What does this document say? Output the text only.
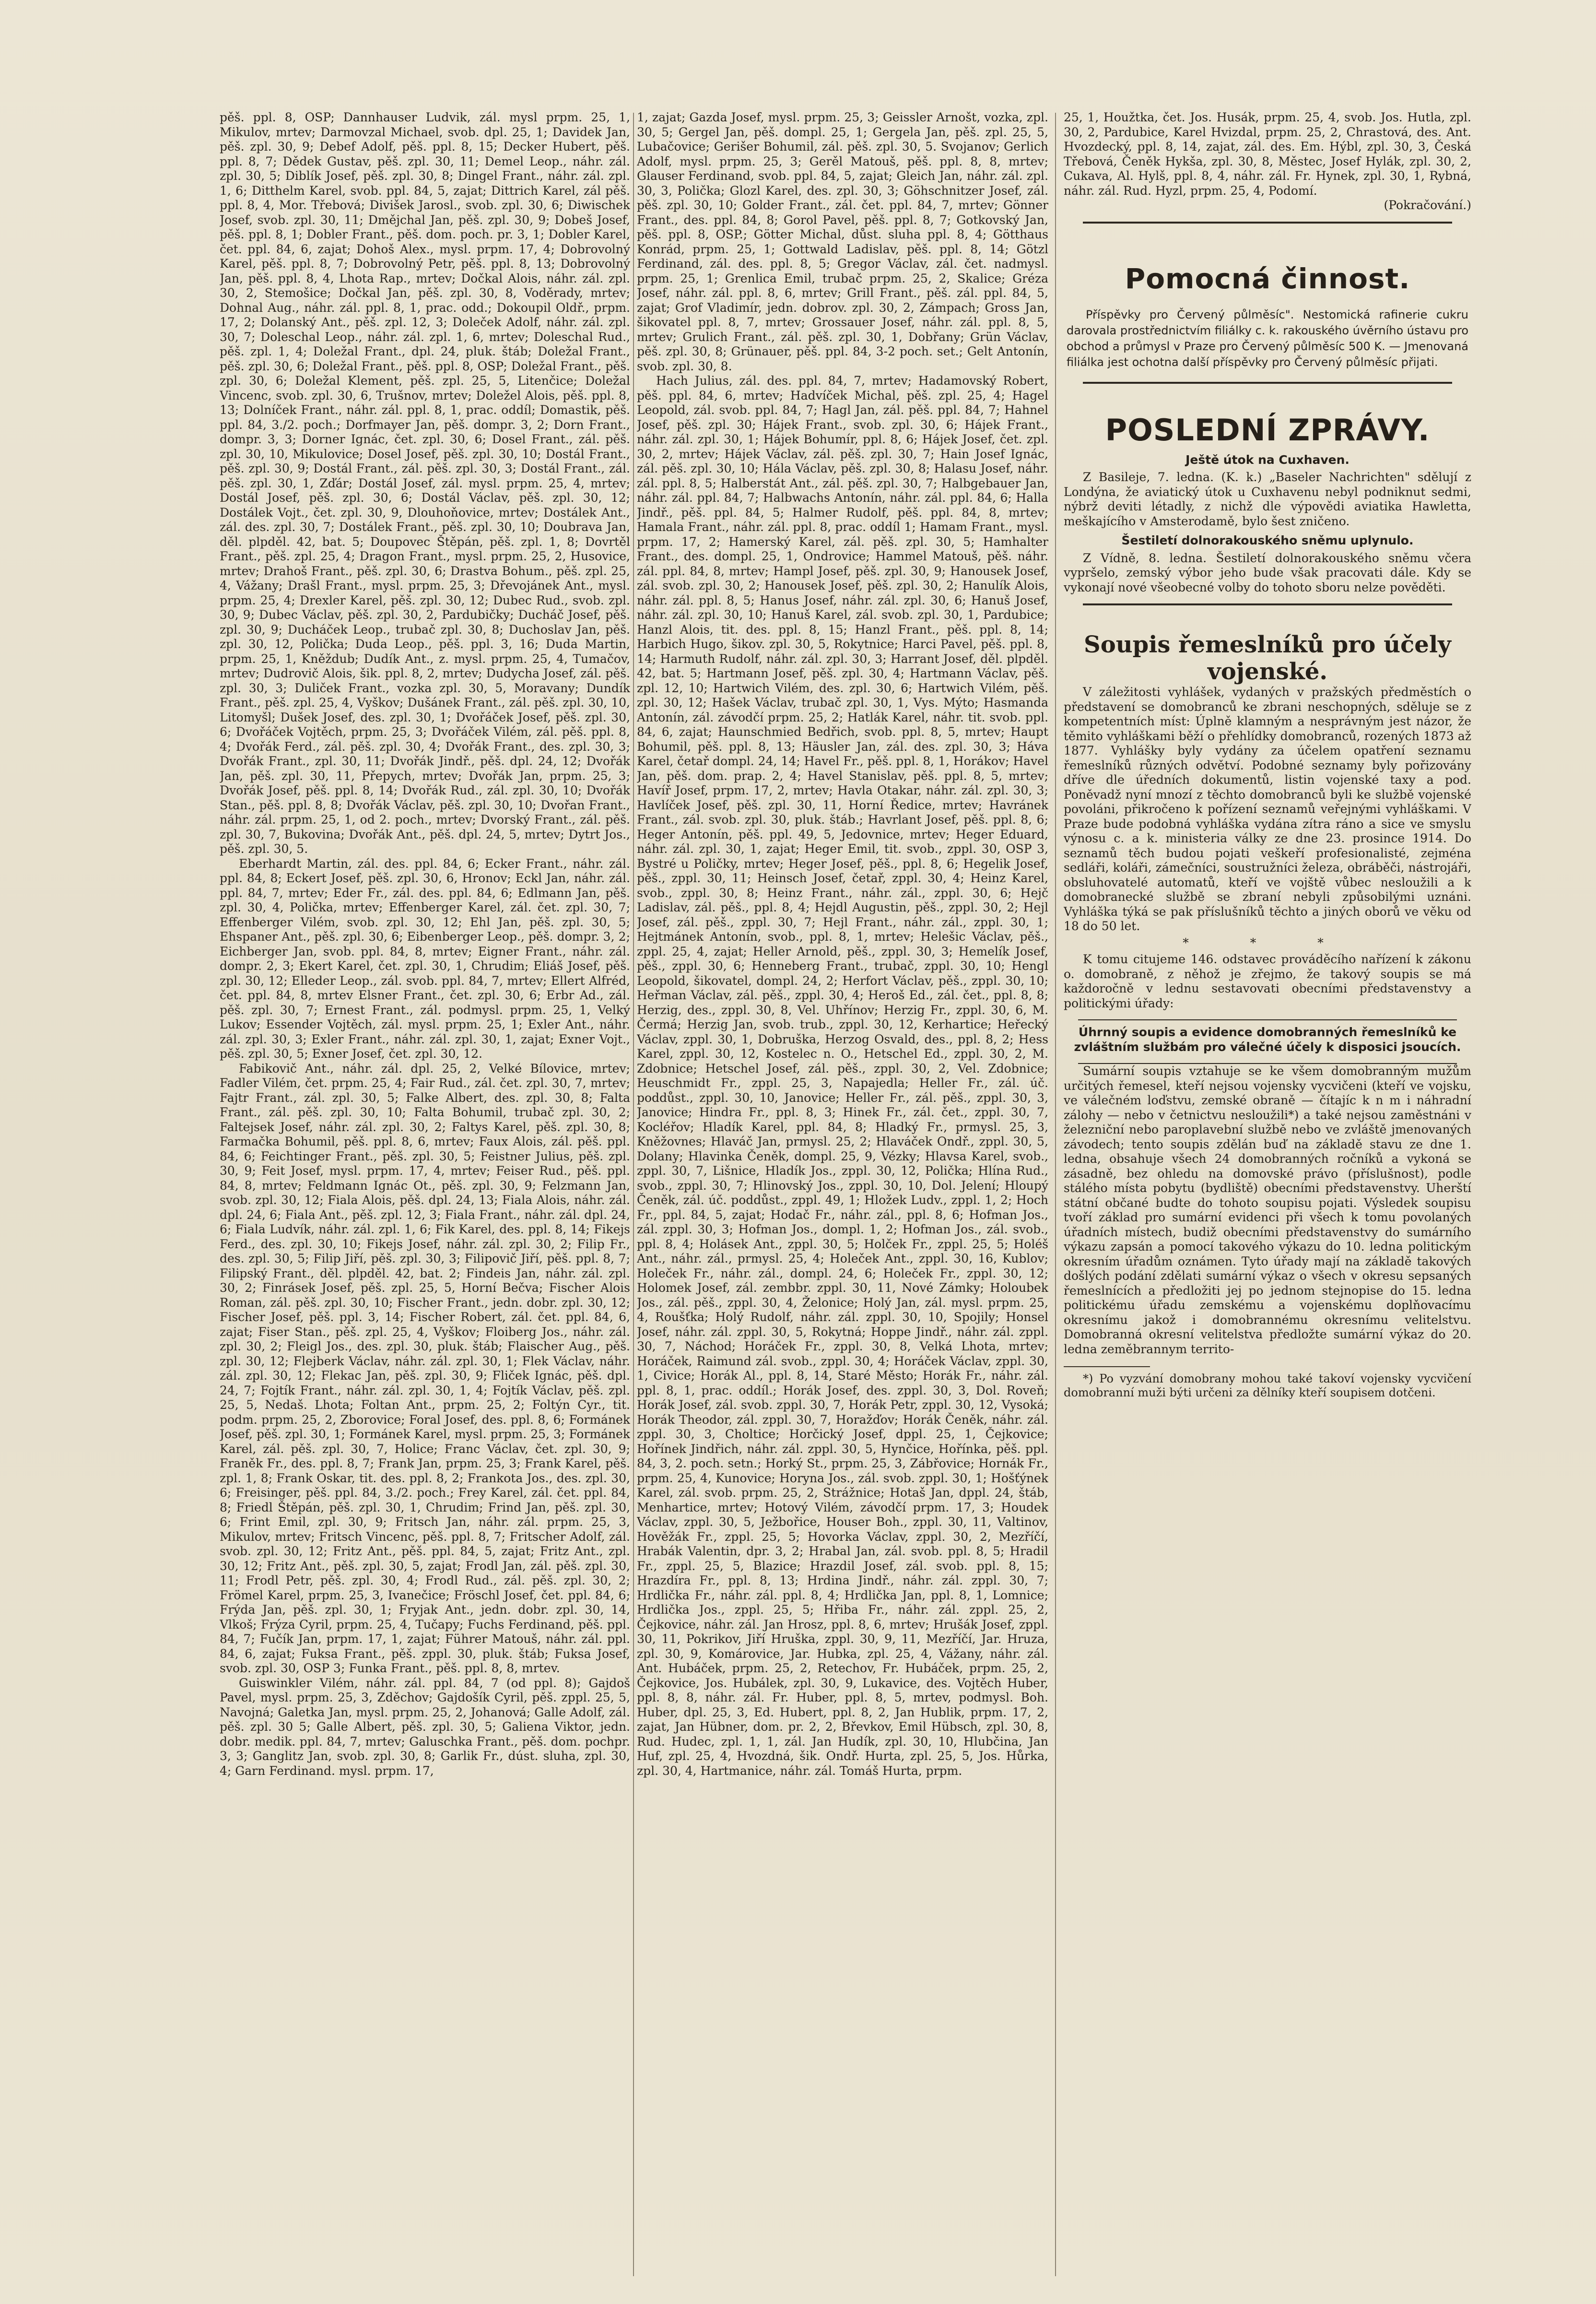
pěš. ppl. 8, OSP; Dannhauser Ludvik, zál. mysl prpm. 25, 1, Mikulov, mrtev; Darmovzal Michael, svob. dpl. 25, 1; Davidek Jan, pěš. zpl. 30, 9; Debef Adolf, pěš. ppl. 8, 15; Decker Hubert, pěš. ppl. 8, 7; Dědek Gustav, pěš. zpl. 30, 11; Demel Leop., náhr. zál. zpl. 30, 5; Diblík Josef, pěš. zpl. 30, 8; Dingel Frant., náhr. zál. zpl. 1, 6; Ditthelm Karel, svob. ppl. 84, 5, zajat; Dittrich Karel, zál pěš. ppl. 8, 4, Mor. Třebová; Divišek Jarosl., svob. zpl. 30, 6; Diwischek Josef, svob. zpl. 30, 11; Dmějchal Jan, pěš. zpl. 30, 9; Dobeš Josef, pěš. ppl. 8, 1; Dobler Frant., pěš. dom. poch. pr. 3, 1; Dobler Karel, čet. ppl. 84, 6, zajat; Dohoš Alex., mysl. prpm. 17, 4; Dobrovolný Karel, pěš. ppl. 8, 7; Dobrovolný Petr, pěš. ppl. 8, 13; Dobrovolný Jan, pěš. ppl. 8, 4, Lhota Rap., mrtev; Dočkal Alois, náhr. zál. zpl. 30, 2, Stemošice; Dočkal Jan, pěš. zpl. 30, 8, Voděrady, mrtev; Dohnal Aug., náhr. zál. ppl. 8, 1, prac. odd.; Dokoupil Oldř., prpm. 17, 2; Dolanský Ant., pěš. zpl. 12, 3; Doleček Adolf, náhr. zál. zpl. 30, 7; Doleschal Leop., náhr. zál. zpl. 1, 6, mrtev; Doleschal Rud., pěš. zpl. 1, 4; Doležal Frant., dpl. 24, pluk. štáb; Doležal Frant., pěš. zpl. 30, 6; Doležal Frant., pěš. ppl. 8, OSP; Doležal Frant., pěš. zpl. 30, 6; Doležal Klement, pěš. zpl. 25, 5, Litenčice; Doležal Vincenc, svob. zpl. 30, 6, Trušnov, mrtev; Doležel Alois, pěš. ppl. 8, 13; Dolníček Frant., náhr. zál. ppl. 8, 1, prac. oddíl; Domastik, pěš. ppl. 84, 3./2. poch.; Dorfmayer Jan, pěš. dompr. 3, 2; Dorn Frant., dompr. 3, 3; Dorner Ignác, čet. zpl. 30, 6; Dosel Frant., zál. pěš. zpl. 30, 10, Mikulovice; Dosel Josef, pěš. zpl. 30, 10; Dostál Frant., pěš. zpl. 30, 9; Dostál Frant., zál. pěš. zpl. 30, 3; Dostál Frant., zál. pěš. zpl. 30, 1, Zďár; Dostál Josef, zál. mysl. prpm. 25, 4, mrtev; Dostál Josef, pěš. zpl. 30, 6; Dostál Václav, pěš. zpl. 30, 12; Dostálek Vojt., čet. zpl. 30, 9, Dlouhoňovice, mrtev; Dostálek Ant., zál. des. zpl. 30, 7; Dostálek Frant., pěš. zpl. 30, 10; Doubrava Jan, děl. plpděl. 42, bat. 5; Doupovec Štěpán, pěš. zpl. 1, 8; Dovrtěl Frant., pěš. zpl. 25, 4; Dragon Frant., mysl. prpm. 25, 2, Husovice, mrtev; Drahoš Frant., pěš. zpl. 30, 6; Drastva Bohum., pěš. zpl. 25, 4, Vážany; Drašl Frant., mysl. prpm. 25, 3; Dřevojánek Ant., mysl. prpm. 25, 4; Drexler Karel, pěš. zpl. 30, 12; Dubec Rud., svob. zpl. 30, 9; Dubec Václav, pěš. zpl. 30, 2, Pardubičky; Ducháč Josef, pěš. zpl. 30, 9; Ducháček Leop., trubač zpl. 30, 8; Duchoslav Jan, pěš. zpl. 30, 12, Polička; Duda Leop., pěš. ppl. 3, 16; Duda Martin, prpm. 25, 1, Kněždub; Dudík Ant., z. mysl. prpm. 25, 4, Tumačov, mrtev; Dudrovič Alois, šik. ppl. 8, 2, mrtev; Dudycha Josef, zál. pěš. zpl. 30, 3; Duliček Frant., vozka zpl. 30, 5, Moravany; Dundík Frant., pěš. zpl. 25, 4, Vyškov; Dušánek Frant., zál. pěš. zpl. 30, 10, Litomyšl; Dušek Josef, des. zpl. 30, 1; Dvořáček Josef, pěš. zpl. 30, 6; Dvořáček Vojtěch, prpm. 25, 3; Dvořáček Vilém, zál. pěš. ppl. 8, 4; Dvořák Ferd., zál. pěš. zpl. 30, 4; Dvořák Frant., des. zpl. 30, 3; Dvořák Frant., zpl. 30, 11; Dvořák Jindř., pěš. dpl. 24, 12; Dvořák Jan, pěš. zpl. 30, 11, Přepych, mrtev; Dvořák Jan, prpm. 25, 3; Dvořák Josef, pěš. ppl. 8, 14; Dvořák Rud., zál. zpl. 30, 10; Dvořák Stan., pěš. ppl. 8, 8; Dvořák Václav, pěš. zpl. 30, 10; Dvořan Frant., náhr. zál. prpm. 25, 1, od 2. poch., mrtev; Dvorský Frant., zál. pěš. zpl. 30, 7, Bukovina; Dvořák Ant., pěš. dpl. 24, 5, mrtev; Dytrt Jos., pěš. zpl. 30, 5.

Eberhardt Martin, zál. des. ppl. 84, 6; Ecker Frant., náhr. zál. ppl. 84, 8; Eckert Josef, pěš. zpl. 30, 6, Hronov; Eckl Jan, náhr. zál. ppl. 84, 7, mrtev; Eder Fr., zál. des. ppl. 84, 6; Edlmann Jan, pěš. zpl. 30, 4, Polička, mrtev; Effenberger Karel, zál. čet. zpl. 30, 7; Effenberger Vilém, svob. zpl. 30, 12; Ehl Jan, pěš. zpl. 30, 5; Ehspaner Ant., pěš. zpl. 30, 6; Eibenberger Leop., pěš. dompr. 3, 2; Eichberger Jan, svob. ppl. 84, 8, mrtev; Eigner Frant., náhr. zál. dompr. 2, 3; Ekert Karel, čet. zpl. 30, 1, Chrudim; Eliáš Josef, pěš. zpl. 30, 12; Elleder Leop., zál. svob. ppl. 84, 7, mrtev; Ellert Alfréd, čet. ppl. 84, 8, mrtev Elsner Frant., čet. zpl. 30, 6; Erbr Ad., zál. pěš. zpl. 30, 7; Ernest Frant., zál. podmysl. prpm. 25, 1, Velký Lukov; Essender Vojtěch, zál. mysl. prpm. 25, 1; Exler Ant., náhr. zál. zpl. 30, 3; Exler Frant., náhr. zál. zpl. 30, 1, zajat; Exner Vojt., pěš. zpl. 30, 5; Exner Josef, čet. zpl. 30, 12.

Fabikovič Ant., náhr. zál. dpl. 25, 2, Velké Bílovice, mrtev; Fadler Vilém, čet. prpm. 25, 4; Fair Rud., zál. čet. zpl. 30, 7, mrtev; Fajtr Frant., zál. zpl. 30, 5; Falke Albert, des. zpl. 30, 8; Falta Frant., zál. pěš. zpl. 30, 10; Falta Bohumil, trubač zpl. 30, 2; Faltejsek Josef, náhr. zál. zpl. 30, 2; Faltys Karel, pěš. zpl. 30, 8; Farmačka Bohumil, pěš. ppl. 8, 6, mrtev; Faux Alois, zál. pěš. ppl. 84, 6; Feichtinger Frant., pěš. zpl. 30, 5; Feistner Julius, pěš. zpl. 30, 9; Feit Josef, mysl. prpm. 17, 4, mrtev; Feiser Rud., pěš. ppl. 84, 8, mrtev; Feldmann Ignác Ot., pěš. zpl. 30, 9; Felzmann Jan, svob. zpl. 30, 12; Fiala Alois, pěš. dpl. 24, 13; Fiala Alois, náhr. zál. dpl. 24, 6; Fiala Ant., pěš. zpl. 12, 3; Fiala Frant., náhr. zál. dpl. 24, 6; Fiala Ludvík, náhr. zál. zpl. 1, 6; Fik Karel, des. ppl. 8, 14; Fikejs Ferd., des. zpl. 30, 10; Fikejs Josef, náhr. zál. zpl. 30, 2; Filip Fr., des. zpl. 30, 5; Filip Jiří, pěš. zpl. 30, 3; Filipovič Jiří, pěš. ppl. 8, 7; Filipský Frant., děl. plpděl. 42, bat. 2; Findeis Jan, náhr. zál. zpl. 30, 2; Finrásek Josef, pěš. zpl. 25, 5, Horní Bečva; Fischer Alois Roman, zál. pěš. zpl. 30, 10; Fischer Frant., jedn. dobr. zpl. 30, 12; Fischer Josef, pěš. ppl. 3, 14; Fischer Robert, zál. čet. ppl. 84, 6, zajat; Fiser Stan., pěš. zpl. 25, 4, Vyškov; Floiberg Jos., náhr. zál. zpl. 30, 2; Fleigl Jos., des. zpl. 30, pluk. štáb; Flaischer Aug., pěš. zpl. 30, 12; Flejberk Václav, náhr. zál. zpl. 30, 1; Flek Václav, náhr. zál. zpl. 30, 12; Flekac Jan, pěš. zpl. 30, 9; Fliček Ignác, pěš. dpl. 24, 7; Fojtík Frant., náhr. zál. zpl. 30, 1, 4; Fojtík Václav, pěš. zpl. 25, 5, Nedaš. Lhota; Foltan Ant., prpm. 25, 2; Foltýn Cyr., tit. podm. prpm. 25, 2, Zborovice; Foral Josef, des. ppl. 8, 6; Formánek Josef, pěš. zpl. 30, 1; Formánek Karel, mysl. prpm. 25, 3; Formánek Karel, zál. pěš. zpl. 30, 7, Holice; Franc Václav, čet. zpl. 30, 9; Franěk Fr., des. ppl. 8, 7; Frank Jan, prpm. 25, 3; Frank Karel, pěš. zpl. 1, 8; Frank Oskar, tit. des. ppl. 8, 2; Frankota Jos., des. zpl. 30, 6; Freisinger, pěš. ppl. 84, 3./2. poch.; Frey Karel, zál. čet. ppl. 84, 8; Friedl Štěpán, pěš. zpl. 30, 1, Chrudim; Frind Jan, pěš. zpl. 30, 6; Frint Emil, zpl. 30, 9; Fritsch Jan, náhr. zál. prpm. 25, 3, Mikulov, mrtev; Fritsch Vincenc, pěš. ppl. 8, 7; Fritscher Adolf, zál. svob. zpl. 30, 12; Fritz Ant., pěš. ppl. 84, 5, zajat; Fritz Ant., zpl. 30, 12; Fritz Ant., pěš. zpl. 30, 5, zajat; Frodl Jan, zál. pěš. zpl. 30, 11; Frodl Petr, pěš. zpl. 30, 4; Frodl Rud., zál. pěš. zpl. 30, 2; Frömel Karel, prpm. 25, 3, Ivanečice; Fröschl Josef, čet. ppl. 84, 6; Frýda Jan, pěš. zpl. 30, 1; Fryjak Ant., jedn. dobr. zpl. 30, 14, Vlkoš; Frýza Cyril, prpm. 25, 4, Tučapy; Fuchs Ferdinand, pěš. ppl. 84, 7; Fučík Jan, prpm. 17, 1, zajat; Führer Matouš, náhr. zál. ppl. 84, 6, zajat; Fuksa Frant., pěš. zppl. 30, pluk. štáb; Fuksa Josef, svob. zpl. 30, OSP 3; Funka Frant., pěš. ppl. 8, 8, mrtev.

Guiswinkler Vilém, náhr. zál. ppl. 84, 7 (od ppl. 8); Gajdoš Pavel, mysl. prpm. 25, 3, Zděchov; Gajdošík Cyril, pěš. zppl. 25, 5, Navojná; Galetka Jan, mysl. prpm. 25, 2, Johanová; Galle Adolf, zál. pěš. zpl. 30 5; Galle Albert, pěš. zpl. 30, 5; Galiena Viktor, jedn. dobr. medik. ppl. 84, 7, mrtev; Galuschka Frant., pěš. dom. pochpr. 3, 3; Ganglitz Jan, svob. zpl. 30, 8; Garlik Fr., dúst. sluha, zpl. 30, 4; Garn Ferdinand. mysl. prpm. 17,

1, zajat; Gazda Josef, mysl. prpm. 25, 3; Geissler Arnošt, vozka, zpl. 30, 5; Gergel Jan, pěš. dompl. 25, 1; Gergela Jan, pěš. zpl. 25, 5, Lubačovice; Gerišer Bohumil, zál. pěš. zpl. 30, 5. Svojanov; Gerlich Adolf, mysl. prpm. 25, 3; Gerěl Matouš, pěš. ppl. 8, 8, mrtev; Glauser Ferdinand, svob. ppl. 84, 5, zajat; Gleich Jan, náhr. zál. zpl. 30, 3, Polička; Glozl Karel, des. zpl. 30, 3; Göhschnitzer Josef, zál. pěš. zpl. 30, 10; Golder Frant., zál. čet. ppl. 84, 7, mrtev; Gönner Frant., des. ppl. 84, 8; Gorol Pavel, pěš. ppl. 8, 7; Gotkovský Jan, pěš. ppl. 8, OSP.; Götter Michal, důst. sluha ppl. 8, 4; Götthaus Konrád, prpm. 25, 1; Gottwald Ladislav, pěš. ppl. 8, 14; Götzl Ferdinand, zál. des. ppl. 8, 5; Gregor Václav, zál. čet. nadmysl. prpm. 25, 1; Grenlica Emil, trubač prpm. 25, 2, Skalice; Gréza Josef, náhr. zál. ppl. 8, 6, mrtev; Grill Frant., pěš. zál. ppl. 84, 5, zajat; Grof Vladimír, jedn. dobrov. zpl. 30, 2, Zámpach; Gross Jan, šikovatel ppl. 8, 7, mrtev; Grossauer Josef, náhr. zál. ppl. 8, 5, mrtev; Grulich Frant., zál. pěš. zpl. 30, 1, Dobřany; Grün Václav, pěš. zpl. 30, 8; Grünauer, pěš. ppl. 84, 3-2 poch. set.; Gelt Antonín, svob. zpl. 30, 8.

Hach Julius, zál. des. ppl. 84, 7, mrtev; Hadamovský Robert, pěš. ppl. 84, 6, mrtev; Hadvíček Michal, pěš. zpl. 25, 4; Hagel Leopold, zál. svob. ppl. 84, 7; Hagl Jan, zál. pěš. ppl. 84, 7; Hahnel Josef, pěš. zpl. 30; Hájek Frant., svob. zpl. 30, 6; Hájek Frant., náhr. zál. zpl. 30, 1; Hájek Bohumír, ppl. 8, 6; Hájek Josef, čet. zpl. 30, 2, mrtev; Hájek Václav, zál. pěš. zpl. 30, 7; Hain Josef Ignác, zál. pěš. zpl. 30, 10; Hála Václav, pěš. zpl. 30, 8; Halasu Josef, náhr. zál. ppl. 8, 5; Halberstát Ant., zál. pěš. zpl. 30, 7; Halbgebauer Jan, náhr. zál. ppl. 84, 7; Halbwachs Antonín, náhr. zál. ppl. 84, 6; Halla Jindř., pěš. ppl. 84, 5; Halmer Rudolf, pěš. ppl. 84, 8, mrtev; Hamala Frant., náhr. zál. ppl. 8, prac. oddíl 1; Hamam Frant., mysl. prpm. 17, 2; Hamerský Karel, zál. pěš. zpl. 30, 5; Hamhalter Frant., des. dompl. 25, 1, Ondrovice; Hammel Matouš, pěš. náhr. zál. ppl. 84, 8, mrtev; Hampl Josef, pěš. zpl. 30, 9; Hanousek Josef, zál. svob. zpl. 30, 2; Hanousek Josef, pěš. zpl. 30, 2; Hanulík Alois, náhr. zál. ppl. 8, 5; Hanus Josef, náhr. zál. zpl. 30, 6; Hanuš Josef, náhr. zál. zpl. 30, 10; Hanuš Karel, zál. svob. zpl. 30, 1, Pardubice; Hanzl Alois, tit. des. ppl. 8, 15; Hanzl Frant., pěš. ppl. 8, 14; Harbich Hugo, šikov. zpl. 30, 5, Rokytnice; Harci Pavel, pěš. ppl. 8, 14; Harmuth Rudolf, náhr. zál. zpl. 30, 3; Harrant Josef, děl. plpděl. 42, bat. 5; Hartmann Josef, pěš. zpl. 30, 4; Hartmann Václav, pěš. zpl. 12, 10; Hartwich Vilém, des. zpl. 30, 6; Hartwich Vilém, pěš. zpl. 30, 12; Hašek Václav, trubač zpl. 30, 1, Vys. Mýto; Hasmanda Antonín, zál. závodčí prpm. 25, 2; Hatlák Karel, náhr. tit. svob. ppl. 84, 6, zajat; Haunschmied Bedřich, svob. ppl. 8, 5, mrtev; Haupt Bohumil, pěš. ppl. 8, 13; Häusler Jan, zál. des. zpl. 30, 3; Háva Karel, četař dompl. 24, 14; Havel Fr., pěš. ppl. 8, 1, Horákov; Havel Jan, pěš. dom. prap. 2, 4; Havel Stanislav, pěš. ppl. 8, 5, mrtev; Havíř Josef, prpm. 17, 2, mrtev; Havla Otakar, náhr. zál. zpl. 30, 3; Havlíček Josef, pěš. zpl. 30, 11, Horní Ředice, mrtev; Havránek Frant., zál. svob. zpl. 30, pluk. štáb.; Havrlant Josef, pěš. ppl. 8, 6; Heger Antonín, pěš. ppl. 49, 5, Jedovnice, mrtev; Heger Eduard, náhr. zál. zpl. 30, 1, zajat; Heger Emil, tit. svob., zppl. 30, OSP 3, Bystré u Poličky, mrtev; Heger Josef, pěš., ppl. 8, 6; Hegelik Josef, pěš., zppl. 30, 11; Heinsch Josef, četař, zppl. 30, 4; Heinz Karel, svob., zppl. 30, 8; Heinz Frant., náhr. zál., zppl. 30, 6; Hejč Ladislav, zál. pěš., ppl. 8, 4; Hejdl Augustin, pěš., zppl. 30, 2; Hejl Josef, zál. pěš., zppl. 30, 7; Hejl Frant., náhr. zál., zppl. 30, 1; Hejtmánek Antonín, svob., ppl. 8, 1, mrtev; Helešic Václav, pěš., zppl. 25, 4, zajat; Heller Arnold, pěš., zppl. 30, 3; Hemelík Josef, pěš., zppl. 30, 6; Henneberg Frant., trubač, zppl. 30, 10; Hengl Leopold, šikovatel, dompl. 24, 2; Herfort Václav, pěš., zppl. 30, 10; Heřman Václav, zál. pěš., zppl. 30, 4; Heroš Ed., zál. čet., ppl. 8, 8; Herzig, des., zppl. 30, 8, Vel. Uhřínov; Herzig Fr., zppl. 30, 6, M. Čermá; Herzig Jan, svob. trub., zppl. 30, 12, Kerhartice; Heřecký Václav, zppl. 30, 1, Dobruška, Herzog Osvald, des., ppl. 8, 2; Hess Karel, zppl. 30, 12, Kostelec n. O., Hetschel Ed., zppl. 30, 2, M. Zdobnice; Hetschel Josef, zál. pěš., zppl. 30, 2, Vel. Zdobnice; Heuschmidt Fr., zppl. 25, 3, Napajedla; Heller Fr., zál. úč. poddůst., zppl. 30, 10, Janovice; Heller Fr., zál. pěš., zppl. 30, 3, Janovice; Hindra Fr., ppl. 8, 3; Hinek Fr., zál. čet., zppl. 30, 7, Kocléřov; Hladík Karel, ppl. 84, 8; Hladký Fr., prmysl. 25, 3, Kněžovnes; Hlaváč Jan, prmysl. 25, 2; Hlaváček Ondř., zppl. 30, 5, Dolany; Hlavinka Čeněk, dompl. 25, 9, Vézky; Hlavsa Karel, svob., zppl. 30, 7, Lišnice, Hladík Jos., zppl. 30, 12, Polička; Hlína Rud., svob., zppl. 30, 7; Hlinovský Jos., zppl. 30, 10, Dol. Jelení; Hloupý Čeněk, zál. úč. poddůst., zppl. 49, 1; Hložek Ludv., zppl. 1, 2; Hoch Fr., ppl. 84, 5, zajat; Hodač Fr., náhr. zál., ppl. 8, 6; Hofman Jos., zál. zppl. 30, 3; Hofman Jos., dompl. 1, 2; Hofman Jos., zál. svob., ppl. 8, 4; Holásek Ant., zppl. 30, 5; Holček Fr., zppl. 25, 5; Holéš Ant., náhr. zál., prmysl. 25, 4; Holeček Ant., zppl. 30, 16, Kublov; Holeček Fr., náhr. zál., dompl. 24, 6; Holeček Fr., zppl. 30, 12; Holomek Josef, zál. zembbr. zppl. 30, 11, Nové Zámky; Holoubek Jos., zál. pěš., zppl. 30, 4, Želonice; Holý Jan, zál. mysl. prpm. 25, 4, Roušťka; Holý Rudolf, náhr. zál. zppl. 30, 10, Spojily; Honsel Josef, náhr. zál. zppl. 30, 5, Rokytná; Hoppe Jindř., náhr. zál. zppl. 30, 7, Náchod; Horáček Fr., zppl. 30, 8, Velká Lhota, mrtev; Horáček, Raimund zál. svob., zppl. 30, 4; Horáček Václav, zppl. 30, 1, Civice; Horák Al., ppl. 8, 14, Staré Město; Horák Fr., náhr. zál. ppl. 8, 1, prac. oddíl.; Horák Josef, des. zppl. 30, 3, Dol. Roveň; Horák Josef, zál. svob. zppl. 30, 7, Horák Petr, zppl. 30, 12, Vysoká; Horák Theodor, zál. zppl. 30, 7, Horažďov; Horák Čeněk, náhr. zál. zppl. 30, 3, Choltice; Horčický Josef, dppl. 25, 1, Čejkovice; Hořínek Jindřich, náhr. zál. zppl. 30, 5, Hynčice, Hořínka, pěš. ppl. 84, 3, 2. poch. setn.; Horký St., prpm. 25, 3, Zábřovice; Hornák Fr., prpm. 25, 4, Kunovice; Horyna Jos., zál. svob. zppl. 30, 1; Hošťýnek Karel, zál. svob. prpm. 25, 2, Strážnice; Hotaš Jan, dppl. 24, štáb, Menhartice, mrtev; Hotový Vilém, závodčí prpm. 17, 3; Houdek Václav, zppl. 30, 5, Ježbořice, Houser Boh., zppl. 30, 11, Valtinov, Hověžák Fr., zppl. 25, 5; Hovorka Václav, zppl. 30, 2, Mezříčí, Hrabák Valentin, dpr. 3, 2; Hrabal Jan, zál. svob. ppl. 8, 5; Hradil Fr., zppl. 25, 5, Blazice; Hrazdil Josef, zál. svob. ppl. 8, 15; Hrazdíra Fr., ppl. 8, 13; Hrdina Jindř., náhr. zál. zppl. 30, 7; Hrdlička Fr., náhr. zál. ppl. 8, 4; Hrdlička Jan, ppl. 8, 1, Lomnice; Hrdlička Jos., zppl. 25, 5; Hřiba Fr., náhr. zál. zppl. 25, 2, Čejkovice, náhr. zál. Jan Hrosz, ppl. 8, 6, mrtev; Hrušák Josef, zppl. 30, 11, Pokrikov, Jiří Hruška, zppl. 30, 9, 11, Mezříčí, Jar. Hruza, zpl. 30, 9, Komárovice, Jar. Hubka, zpl. 25, 4, Vážany, náhr. zál. Ant. Hubáček, prpm. 25, 2, Retechov, Fr. Hubáček, prpm. 25, 2, Čejkovice, Jos. Hubálek, zpl. 30, 9, Lukavice, des. Vojtěch Huber, ppl. 8, 8, náhr. zál. Fr. Huber, ppl. 8, 5, mrtev, podmysl. Boh. Huber, dpl. 25, 3, Ed. Hubert, ppl. 8, 2, Jan Hublik, prpm. 17, 2, zajat, Jan Hübner, dom. pr. 2, 2, Břevkov, Emil Hübsch, zpl. 30, 8, Rud. Hudec, zpl. 1, 1, zál. Jan Hudík, zpl. 30, 10, Hlubčina, Jan Huf, zpl. 25, 4, Hvozdná, šik. Ondř. Hurta, zpl. 25, 5, Jos. Hůrka, zpl. 30, 4, Hartmanice, náhr. zál. Tomáš Hurta, prpm.

25, 1, Houžtka, čet. Jos. Husák, prpm. 25, 4, svob. Jos. Hutla, zpl. 30, 2, Pardubice, Karel Hvizdal, prpm. 25, 2, Chrastová, des. Ant. Hvozdecký, ppl. 8, 14, zajat, zál. des. Em. Hýbl, zpl. 30, 3, Česká Třebová, Čeněk Hykša, zpl. 30, 8, Městec, Josef Hylák, zpl. 30, 2, Cukava, Al. Hylš, ppl. 8, 4, náhr. zál. Fr. Hynek, zpl. 30, 1, Rybná, náhr. zál. Rud. Hyzl, prpm. 25, 4, Podomí.

(Pokračování.)

Pomocná činnost.

Příspěvky pro Červený půlměsíc". Nestomická rafinerie cukru darovala prostřednictvím filiálky c. k. rakouského úvěrního ústavu pro obchod a průmysl v Praze pro Červený půlměsíc 500 K. — Jmenovaná filiálka jest ochotna další příspěvky pro Červený půlměsíc přijati.

POSLEDNÍ ZPRÁVY.

Ještě útok na Cuxhaven.

Z Basileje, 7. ledna. (K. k.) „Baseler Nachrichten" sdělují z Londýna, že aviatický útok u Cuxhavenu nebyl podniknut sedmi, nýbrž deviti létadly, z nichž dle výpovědi aviatika Hawletta, meškajícího v Amsterodamě, bylo šest zničeno.

Šestiletí dolnorakouského sněmu uplynulo.

Z Vídně, 8. ledna. Šestiletí dolnorakouského sněmu včera vypršelo, zemský výbor jeho bude však pracovati dále. Kdy se vykonají nové všeobecné volby do tohoto sboru nelze pověděti.

Soupis řemeslníků pro účely vojenské.

V záležitosti vyhlášek, vydaných v pražských předměstích o představení se domobranců ke zbrani neschopných, sděluje se z kompetentních míst: Úplně klamným a nesprávným jest názor, že těmito vyhláškami běží o přehlídky domobranců, rozených 1873 až 1877. Vyhlášky byly vydány za účelem opatření seznamu řemeslníků různých odvětví. Podobné seznamy byly pořizovány dříve dle úředních dokumentů, listin vojenské taxy a pod. Poněvadž nyní mnozí z těchto domobranců byli ke službě vojenské povoláni, přikročeno k pořízení seznamů veřejnými vyhláškami. V Praze bude podobná vyhláška vydána zítra ráno a sice ve smyslu výnosu c. a k. ministeria války ze dne 23. prosince 1914. Do seznamů těch budou pojati veškeří profesionalisté, zejména sedláři, koláři, zámečníci, soustružníci železa, obráběči, nástrojáři, obsluhovatelé automatů, kteří ve vojště vůbec nesloužili a k domobranecké službě se zbraní nebyli způsobilými uznáni. Vyhláška týká se pak příslušníků těchto a jiných oborů ve věku od 18 do 50 let.

* * *

K tomu citujeme 146. odstavec prováděcího nařízení k zákonu o. domobraně, z něhož je zřejmo, že takový soupis se má každoročně v lednu sestavovati obecními představenstvy a politickými úřady:

Úhrnný soupis a evidence domobranných řemeslníků ke zvláštním službám pro válečné účely k disposici jsoucích.

Sumární soupis vztahuje se ke všem domobranným mužům určitých řemesel, kteří nejsou vojensky vycvičeni (kteří ve vojsku, ve válečném loďstvu, zemské obraně — čítajíc k n m i náhradní zálohy — nebo v četnictvu nesloužili*) a také nejsou zaměstnáni v železniční nebo paroplavební službě nebo ve zvláště jmenovaných závodech; tento soupis zdělán buď na základě stavu ze dne 1. ledna, obsahuje všech 24 domobranných ročníků a vykoná se zásadně, bez ohledu na domovské právo (příslušnost), podle stálého místa pobytu (bydliště) obecními představenstvy. Uherští státní občané budte do tohoto soupisu pojati. Výsledek soupisu tvoří základ pro sumární evidenci při všech k tomu povolaných úřadních místech, budiž obecními představenstvy do sumárního výkazu zapsán a pomocí takového výkazu do 10. ledna politickým okresním úřadům oznámen. Tyto úřady mají na základě takových došlých podání zdělati sumární výkaz o všech v okresu sepsaných řemeslnících a předložiti jej po jednom stejnopise do 15. ledna politickému úřadu zemskému a vojenskému doplňovacímu okresnímu jakož i domobrannému okresnímu velitelstvu. Domobranná okresní velitelstva předložte sumární výkaz do 20. ledna zeměbrannym territo-

*) Po vyzvání domobrany mohou také takoví vojensky vycvičení domobranní muži býti určeni za dělníky kteří soupisem dotčeni.
